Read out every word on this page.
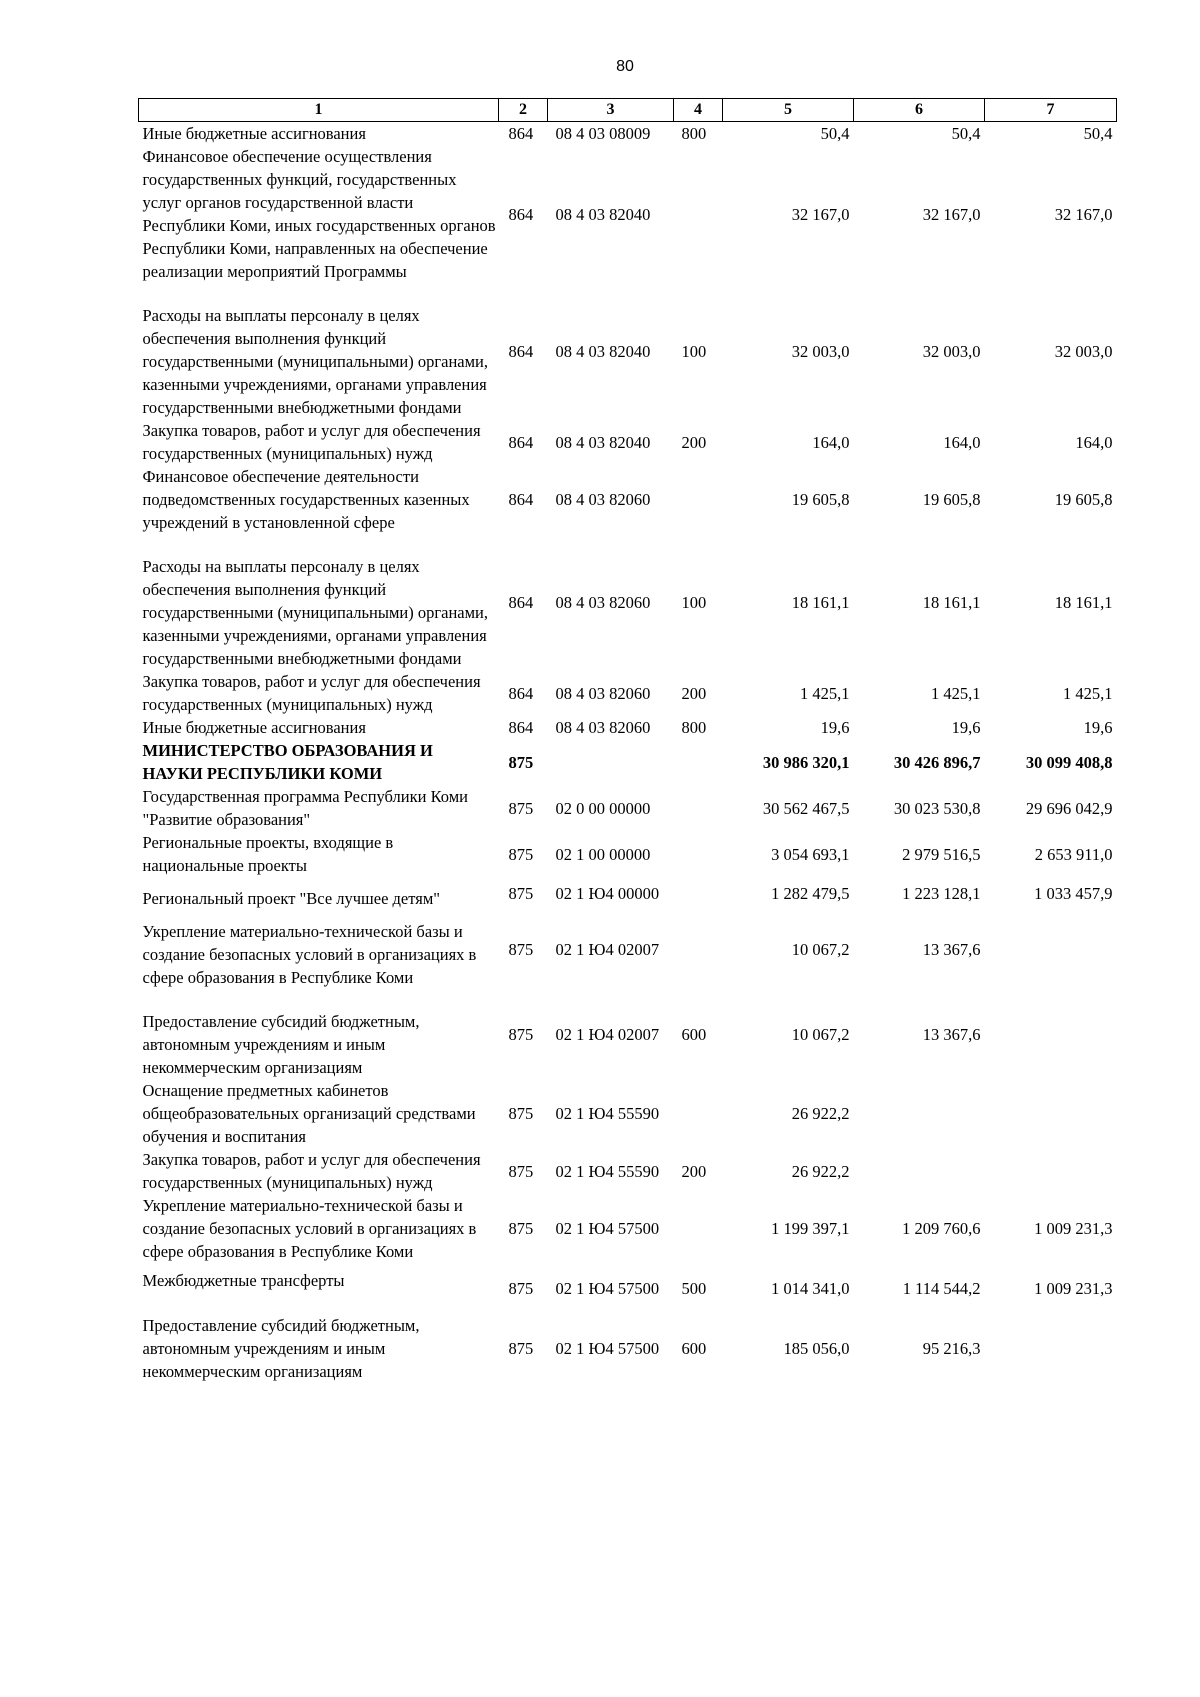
80
1	2	3	4	5	6	7
Иные бюджетные ассигнования	864	08 4 03 08009	800	50,4	50,4	50,4
Финансовое обеспечение осуществления государственных функций, государственных услуг органов государственной власти Республики Коми, иных государственных органов Республики Коми, направленных на обеспечение реализации мероприятий Программы	864	08 4 03 82040		32 167,0	32 167,0	32 167,0
Расходы на выплаты персоналу в целях обеспечения выполнения функций государственными (муниципальными) органами, казенными учреждениями, органами управления государственными внебюджетными фондами	864	08 4 03 82040	100	32 003,0	32 003,0	32 003,0
Закупка товаров, работ и услуг для обеспечения государственных (муниципальных) нужд	864	08 4 03 82040	200	164,0	164,0	164,0
Финансовое обеспечение деятельности подведомственных государственных казенных учреждений в установленной сфере	864	08 4 03 82060		19 605,8	19 605,8	19 605,8
Расходы на выплаты персоналу в целях обеспечения выполнения функций государственными (муниципальными) органами, казенными учреждениями, органами управления государственными внебюджетными фондами	864	08 4 03 82060	100	18 161,1	18 161,1	18 161,1
Закупка товаров, работ и услуг для обеспечения государственных (муниципальных) нужд	864	08 4 03 82060	200	1 425,1	1 425,1	1 425,1
Иные бюджетные ассигнования	864	08 4 03 82060	800	19,6	19,6	19,6
МИНИСТЕРСТВО ОБРАЗОВАНИЯ И НАУКИ РЕСПУБЛИКИ КОМИ	875			30 986 320,1	30 426 896,7	30 099 408,8
Государственная программа Республики Коми "Развитие образования"	875	02 0 00 00000		30 562 467,5	30 023 530,8	29 696 042,9
Региональные проекты, входящие в национальные проекты	875	02 1 00 00000		3 054 693,1	2 979 516,5	2 653 911,0
Региональный проект "Все лучшее детям"	875	02 1 Ю4 00000		1 282 479,5	1 223 128,1	1 033 457,9
Укрепление материально-технической базы и создание безопасных условий в организациях в сфере образования в Республике Коми	875	02 1 Ю4 02007		10 067,2	13 367,6	
Предоставление субсидий бюджетным, автономным учреждениям и иным некоммерческим организациям	875	02 1 Ю4 02007	600	10 067,2	13 367,6	
Оснащение предметных кабинетов общеобразовательных организаций средствами обучения и воспитания	875	02 1 Ю4 55590		26 922,2		
Закупка товаров, работ и услуг для обеспечения государственных (муниципальных) нужд	875	02 1 Ю4 55590	200	26 922,2		
Укрепление материально-технической базы и создание безопасных условий в организациях в сфере образования в Республике Коми	875	02 1 Ю4 57500		1 199 397,1	1 209 760,6	1 009 231,3
Межбюджетные трансферты	875	02 1 Ю4 57500	500	1 014 341,0	1 114 544,2	1 009 231,3
Предоставление субсидий бюджетным, автономным учреждениям и иным некоммерческим организациям	875	02 1 Ю4 57500	600	185 056,0	95 216,3	
